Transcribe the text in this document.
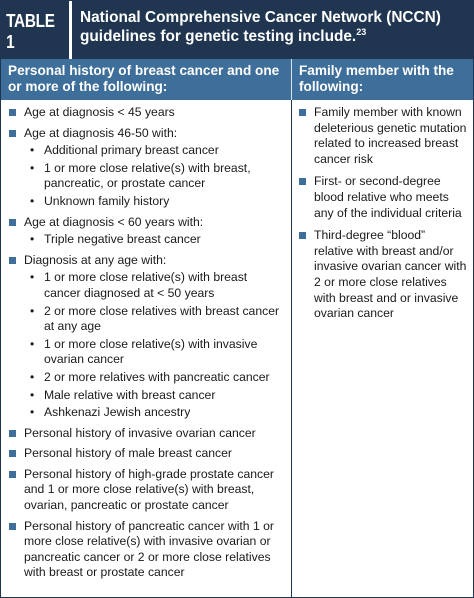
TABLE 1
National Comprehensive Cancer Network (NCCN) guidelines for genetic testing include.$^{23}$
Personal history of breast cancer and one or more of the following:
Family member with the following:
Age at diagnosis < 45 years
Age at diagnosis 46-50 with:
• Additional primary breast cancer
• 1 or more close relative(s) with breast, pancreatic, or prostate cancer
• Unknown family history
Age at diagnosis < 60 years with:
• Triple negative breast cancer
Diagnosis at any age with:
• 1 or more close relative(s) with breast cancer diagnosed at < 50 years
• 2 or more close relatives with breast cancer at any age
• 1 or more close relative(s) with invasive ovarian cancer
• 2 or more relatives with pancreatic cancer
• Male relative with breast cancer
• Ashkenazi Jewish ancestry
Personal history of invasive ovarian cancer
Personal history of male breast cancer
Personal history of high-grade prostate cancer and 1 or more close relative(s) with breast, ovarian, pancreatic or prostate cancer
Personal history of pancreatic cancer with 1 or more close relative(s) with invasive ovarian or pancreatic cancer or 2 or more close relatives with breast or prostate cancer
Family member with known deleterious genetic mutation related to increased breast cancer risk
First- or second-degree blood relative who meets any of the individual criteria
Third-degree “blood” relative with breast and/or invasive ovarian cancer with 2 or more close relatives with breast and or invasive ovarian cancer
